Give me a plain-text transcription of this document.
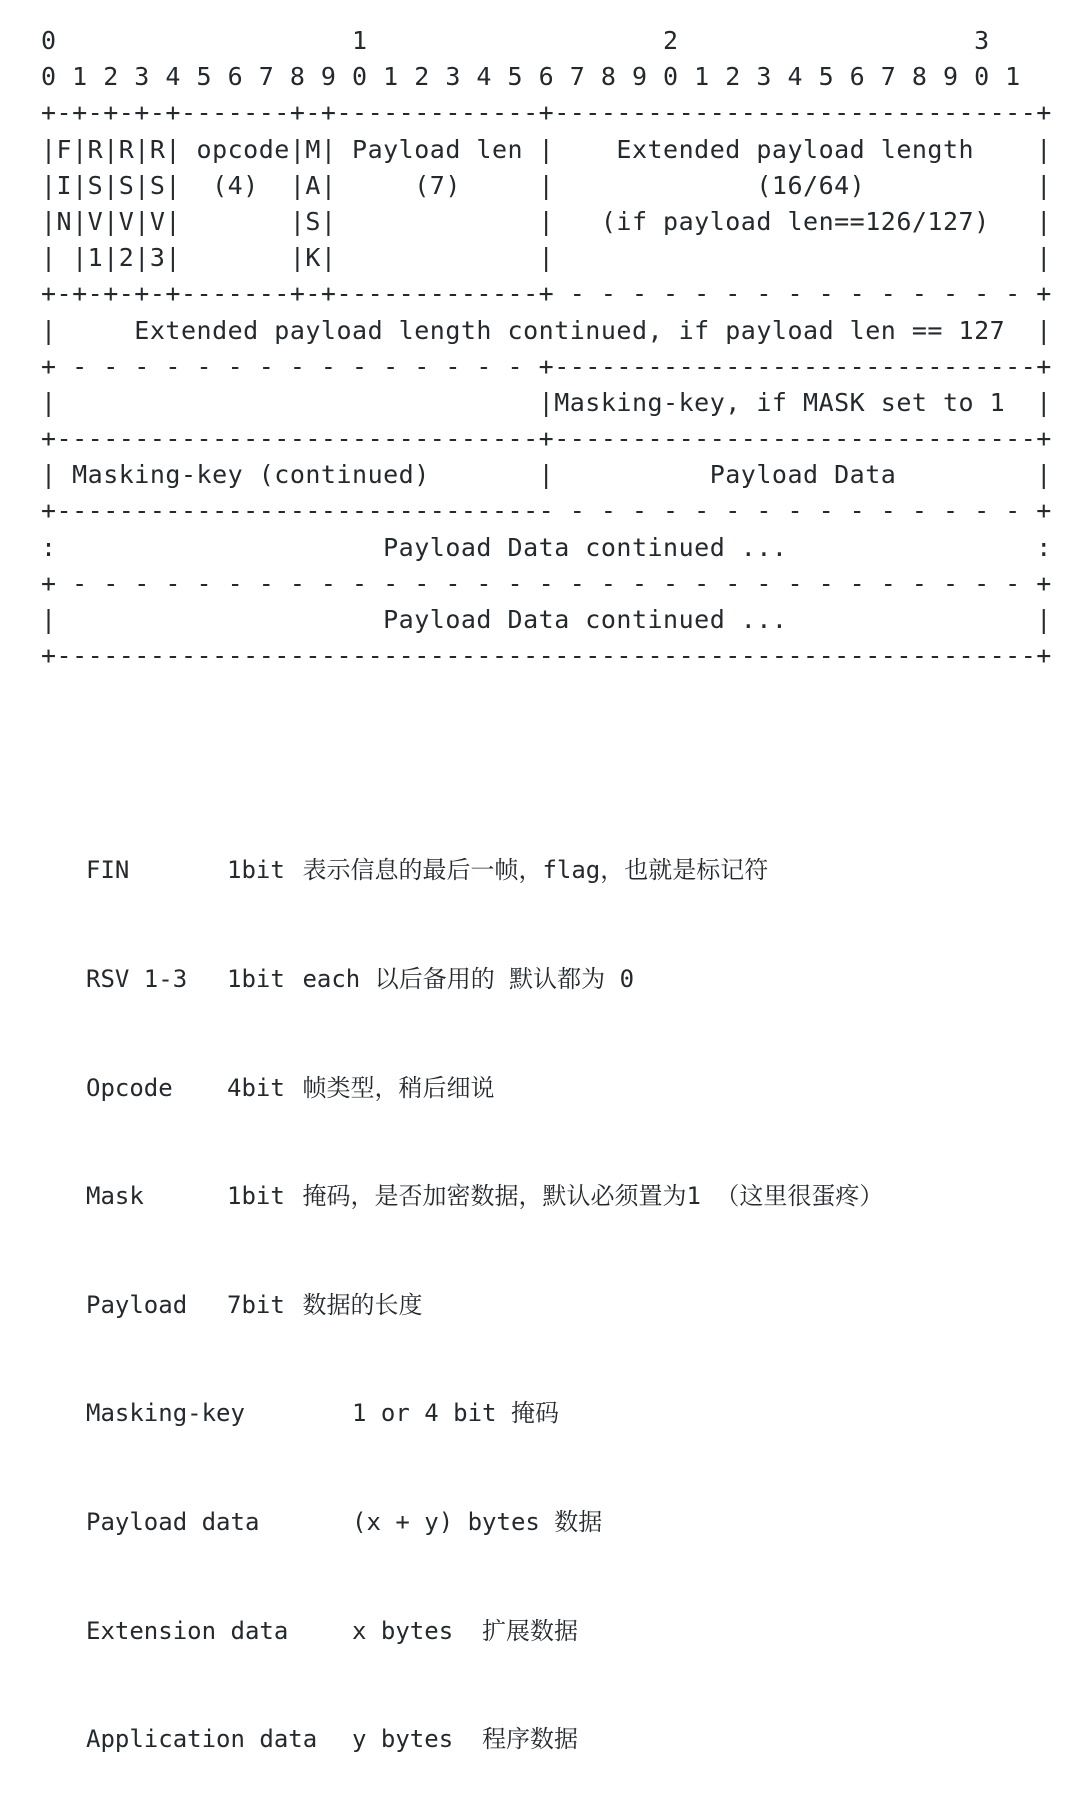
0                   1                   2                   3
0 1 2 3 4 5 6 7 8 9 0 1 2 3 4 5 6 7 8 9 0 1 2 3 4 5 6 7 8 9 0 1
+-+-+-+-+-------+-+-------------+-------------------------------+
|F|R|R|R| opcode|M| Payload len |    Extended payload length    |
|I|S|S|S|  (4)  |A|     (7)     |             (16/64)           |
|N|V|V|V|       |S|             |   (if payload len==126/127)   |
| |1|2|3|       |K|             |                               |
+-+-+-+-+-------+-+-------------+ - - - - - - - - - - - - - - - +
|     Extended payload length continued, if payload len == 127  |
+ - - - - - - - - - - - - - - - +-------------------------------+
|                               |Masking-key, if MASK set to 1  |
+-------------------------------+-------------------------------+
| Masking-key (continued)       |          Payload Data         |
+-------------------------------- - - - - - - - - - - - - - - - +
:                     Payload Data continued ...                :
+ - - - - - - - - - - - - - - - - - - - - - - - - - - - - - - - +
|                     Payload Data continued ...                |
+---------------------------------------------------------------+

FIN	1bit 表示信息的最后一帧，flag，也就是标记符

RSV 1-3 1bit each 以后备用的 默认都为 0

Opcode 4bit 帧类型，稍后细说

Mask	1bit 掩码，是否加密数据，默认必须置为1 （这里很蛋疼）

Payload 7bit 数据的长度

Masking-key	1 or 4 bit 掩码

Payload data	(x + y) bytes 数据

Extension data	x bytes  扩展数据

Application data y bytes  程序数据
